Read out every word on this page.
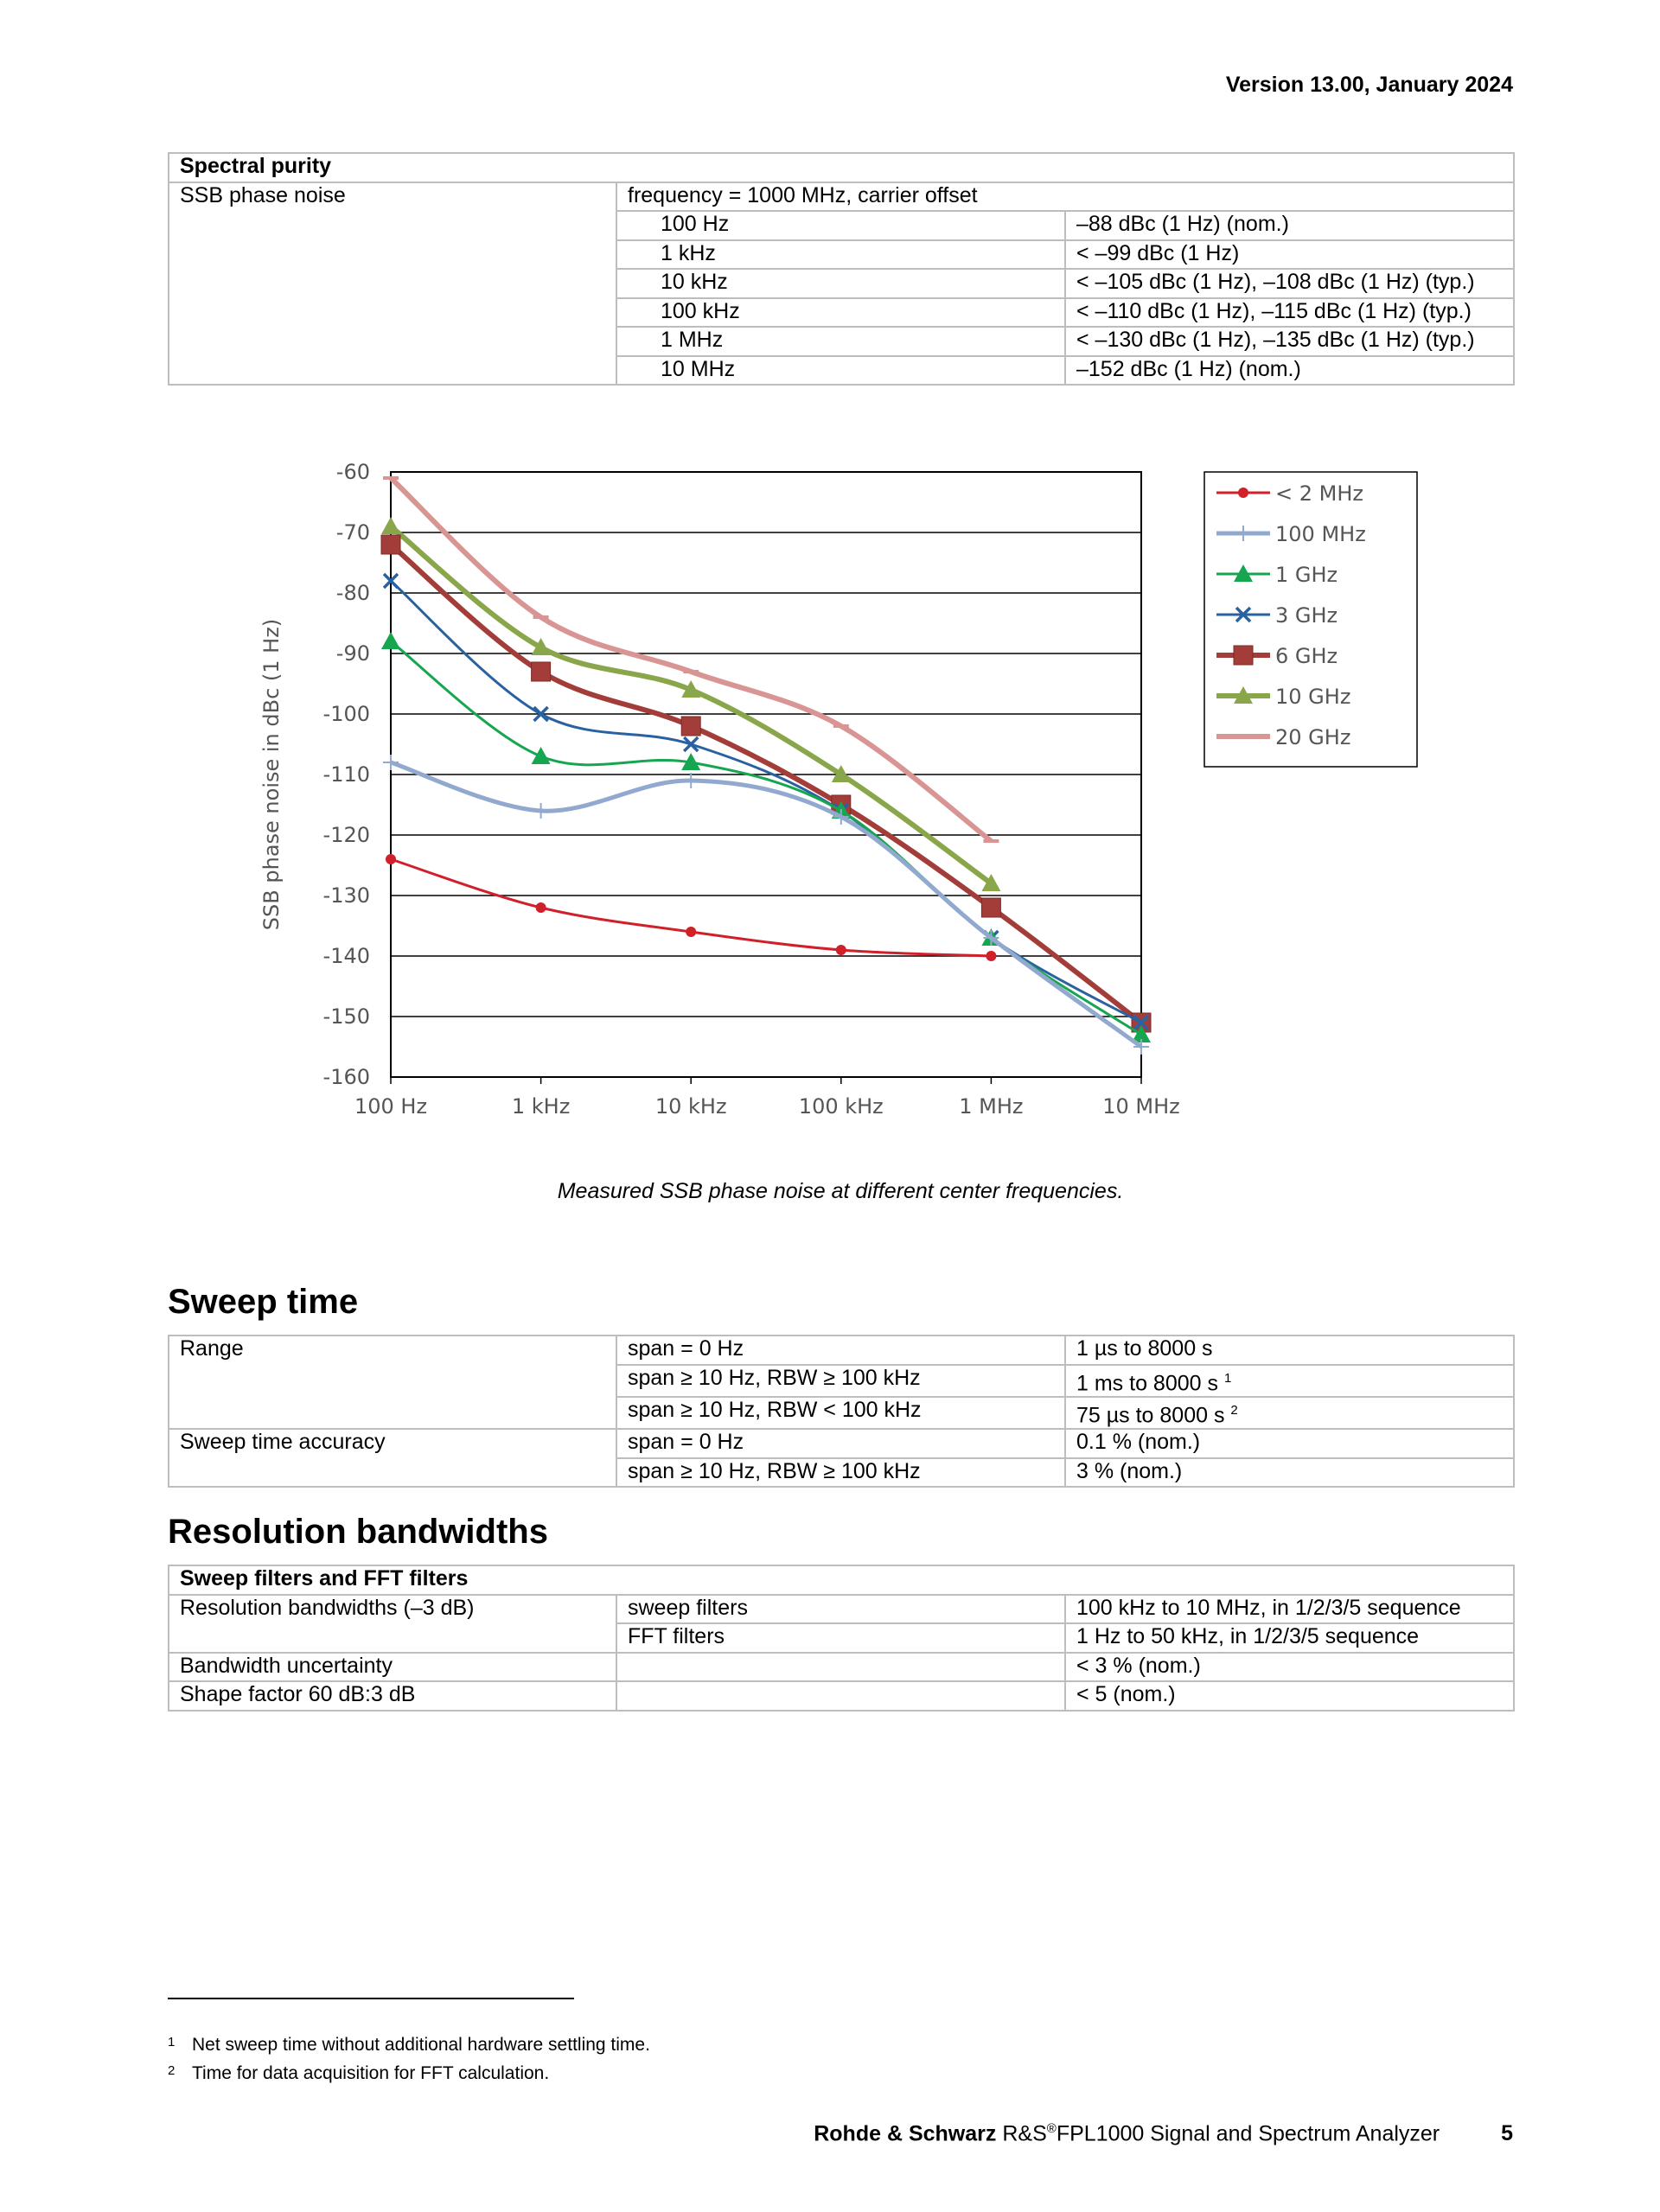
Version 13.00, January 2024
Spectral purity		
SSB phase noise	frequency = 1000 MHz, carrier offset	
	100 Hz	–88 dBc (1 Hz) (nom.)
	1 kHz	< –99 dBc (1 Hz)
	10 kHz	< –105 dBc (1 Hz), –108 dBc (1 Hz) (typ.)
	100 kHz	< –110 dBc (1 Hz), –115 dBc (1 Hz) (typ.)
	1 MHz	< –130 dBc (1 Hz), –135 dBc (1 Hz) (typ.)
	10 MHz	–152 dBc (1 Hz) (nom.)
-60
-70
-80
-90
-100
-110
-120
-130
-140
-150
-160
100 Hz	1 kHz	10 kHz	100 kHz	1 MHz	10 MHz
SSB phase noise in dBc (1 Hz)
< 2 MHz
100 MHz
1 GHz
3 GHz
6 GHz
10 GHz
20 GHz
Measured SSB phase noise at different center frequencies.
Sweep time
Range	span = 0 Hz	1 µs to 8000 s
	span ≥ 10 Hz, RBW ≥ 100 kHz	1 ms to 8000 s $^1$
	span ≥ 10 Hz, RBW < 100 kHz	75 µs to 8000 s $^2$
Sweep time accuracy	span = 0 Hz	0.1 % (nom.)
	span ≥ 10 Hz, RBW ≥ 100 kHz	3 % (nom.)
Resolution bandwidths
Sweep filters and FFT filters		
Resolution bandwidths (–3 dB)	sweep filters	100 kHz to 10 MHz, in 1/2/3/5 sequence
	FFT filters	1 Hz to 50 kHz, in 1/2/3/5 sequence
Bandwidth uncertainty		< 3 % (nom.)
Shape factor 60 dB:3 dB		< 5 (nom.)
1 Net sweep time without additional hardware settling time.
2 Time for data acquisition for FFT calculation.
Rohde & Schwarz R&S®FPL1000 Signal and Spectrum Analyzer	5
